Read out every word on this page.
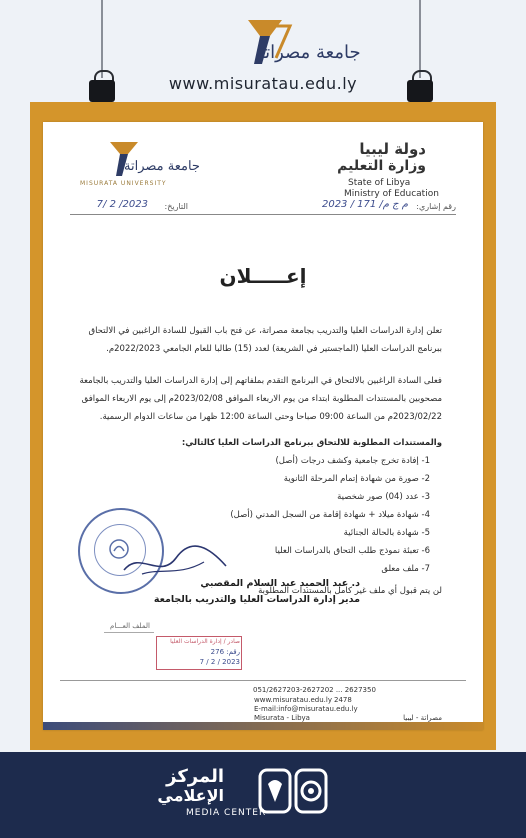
جامعة مصراتة
www.misuratau.edu.ly
جامعة مصراتة
MISURATA UNIVERSITY
دولة ليبيا
وزارة التعليم
State of Libya
Ministry of Education
رقم إشاري:
م ج م/ 171 / 2023
التاريخ:
2023/ 2 /7
إعـــــلان
تعلن إدارة الدراسات العليا والتدريب بجامعة مصراتة، عن فتح باب القبول للسادة الراغبين في الالتحاق
ببرنامج الدراسات العليا (الماجستير في الشريعة) لعدد (15) طالبا للعام الجامعي 2022/2023م.
فعلى السادة الراغبين بالالتحاق في البرنامج التقدم بملفاتهم إلى إدارة الدراسات العليا والتدريب بالجامعة
مصحوبين بالمستندات المطلوبة ابتداء من يوم الاربعاء الموافق 2023/02/08م إلى يوم الاربعاء الموافق
2023/02/22م من الساعة 09:00 صباحا وحتى الساعة 12:00 ظهرا من ساعات الدوام الرسمية.
والمستندات المطلوبة للالتحاق ببرنامج الدراسات العليا كالتالي:
1- إفادة تخرج جامعية وكشف درجات (أصل)
2- صورة من شهادة إتمام المرحلة الثانوية
3- عدد (04) صور شخصية
4- شهادة ميلاد + شهادة إقامة من السجل المدني (أصل)
5- شهادة بالحالة الجنائية
6- تعبئة نموذج طلب التحاق بالدراسات العليا
7- ملف معلق
لن يتم قبول أي ملف غير كامل بالمستندات المطلوبة
د. عبد الحميد عبد السلام المقصبي
مدير إدارة الدراسات العليا والتدريب بالجامعة
الملف العـــام
صادر / إدارة الدراسات العليا
رقم: 276
2023 / 2 / 7
051/2627203-2627202 ... 2627350
www.misuratau.edu.ly 2478
E-mail:info@misuratau.edu.ly
Misurata - Libya	مصراتة - ليبيا
المركز
الإعلامي
MEDIA CENTER
